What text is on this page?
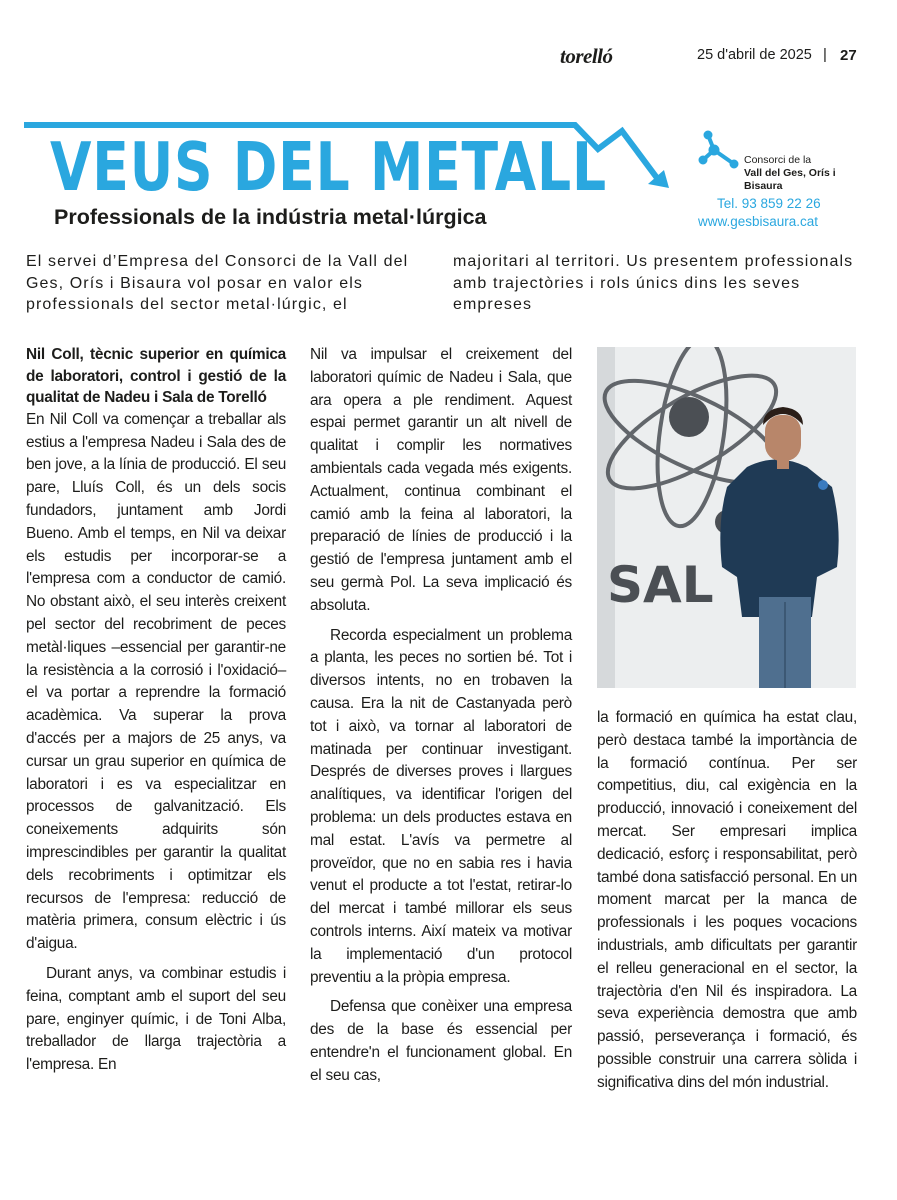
torelló	25 d'abril de 2025 | 27
VEUS DEL METALL
Professionals de la indústria metal·lúrgica
Consorci de la
Vall del Ges, Orís i
Bisaura
Tel. 93 859 22 26
www.gesbisaura.cat
El servei d’Empresa del Consorci de la Vall del Ges, Orís i Bisaura vol posar en valor els professionals del sector metal·lúrgic, el
majoritari al territori. Us presentem professionals amb trajectòries i rols únics dins les seves empreses

Nil Coll, tècnic superior en química de laboratori, control i gestió de la qualitat de Nadeu i Sala de Torelló

En Nil Coll va començar a treballar als estius a l'empresa Nadeu i Sala des de ben jove, a la línia de producció. El seu pare, Lluís Coll, és un dels socis fundadors, juntament amb Jordi Bueno. Amb el temps, en Nil va deixar els estudis per incorporar-se a l'empresa com a conductor de camió. No obstant això, el seu interès creixent pel sector del recobriment de peces metàl·liques –essencial per garantir-ne la resistència a la corrosió i l'oxidació– el va portar a reprendre la formació acadèmica. Va superar la prova d'accés per a majors de 25 anys, va cursar un grau superior en química de laboratori i es va especialitzar en processos de galvanització. Els coneixements adquirits són imprescindibles per garantir la qualitat dels recobriments i optimitzar els recursos de l'empresa: reducció de matèria primera, consum elèctric i ús d'aigua.

Durant anys, va combinar estudis i feina, comptant amb el suport del seu pare, enginyer químic, i de Toni Alba, treballador de llarga trajectòria a l'empresa. En

Nil va impulsar el creixement del laboratori químic de Nadeu i Sala, que ara opera a ple rendiment. Aquest espai permet garantir un alt nivell de qualitat i complir les normatives ambientals cada vegada més exigents. Actualment, continua combinant el camió amb la feina al laboratori, la preparació de línies de producció i la gestió de l'empresa juntament amb el seu germà Pol. La seva implicació és absoluta.

Recorda especialment un problema a planta, les peces no sortien bé. Tot i diversos intents, no en trobaven la causa. Era la nit de Castanyada però tot i això, va tornar al laboratori de matinada per continuar investigant. Després de diverses proves i llargues analítiques, va identificar l'origen del problema: un dels productes estava en mal estat. L'avís va permetre al proveïdor, que no en sabia res i havia venut el producte a tot l'estat, retirar-lo del mercat i també millorar els seus controls interns. Així mateix va motivar la implementació d'un protocol preventiu a la pròpia empresa.

Defensa que conèixer una empresa des de la base és essencial per entendre'n el funcionament global. En el seu cas,

SAL

la formació en química ha estat clau, però destaca també la importància de la formació contínua. Per ser competitius, diu, cal exigència en la producció, innovació i coneixement del mercat. Ser empresari implica dedicació, esforç i responsabilitat, però també dona satisfacció personal. En un moment marcat per la manca de professionals i les poques vocacions industrials, amb dificultats per garantir el relleu generacional en el sector, la trajectòria d'en Nil és inspiradora. La seva experiència demostra que amb passió, perseverança i formació, és possible construir una carrera sòlida i significativa dins del món industrial.
